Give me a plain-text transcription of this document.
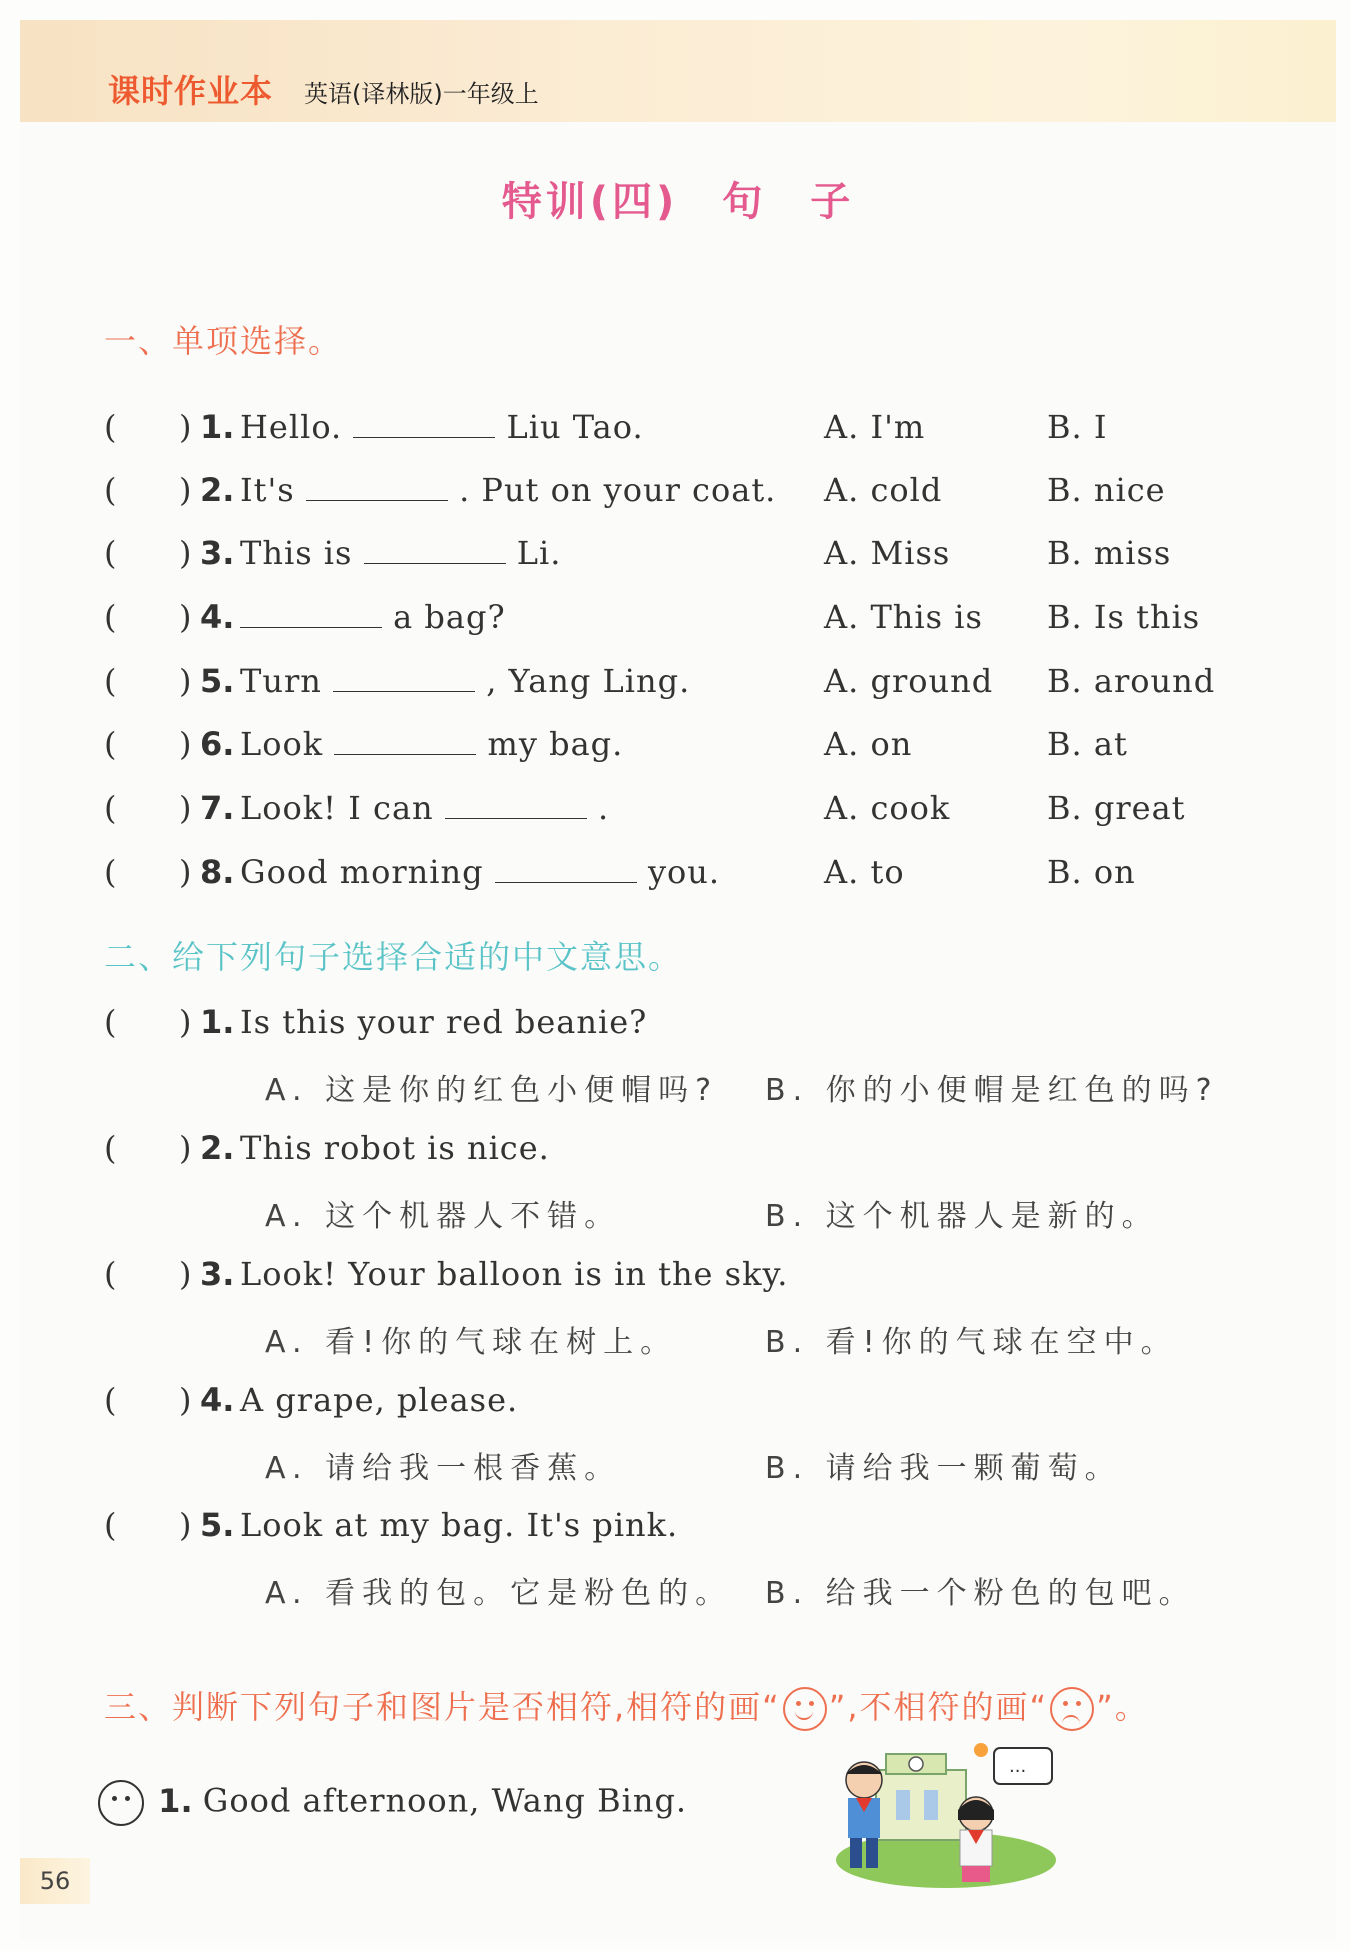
课时作业本 英语(译林版)一年级上
特训(四)　句　子
一、单项选择。
( ) 1. Hello.	Liu Tao.	A. I'm	B. I
( ) 2. It's	. Put on your coat. A. cold	B. nice
( ) 3. This is	Li.	A. Miss	B. miss
( ) 4.	a bag?	A. This is B. Is this
( ) 5. Turn	, Yang Ling.	A. ground B. around
( ) 6. Look	my bag.	A. on	B. at
( ) 7. Look! I can	.	A. cook	B. great
( ) 8. Good morning	you.	A. to	B. on
二、给下列句子选择合适的中文意思。
( ) 1. Is this your red beanie?
A. 这是你的红色小便帽吗? B. 你的小便帽是红色的吗?
( ) 2. This robot is nice.
A. 这个机器人不错。	B. 这个机器人是新的。
( ) 3. Look! Your balloon is in the sky.
A. 看!你的气球在树上。	B. 看!你的气球在空中。
( ) 4. A grape, please.
A. 请给我一根香蕉。	B. 请给我一颗葡萄。
( ) 5. Look at my bag. It's pink.
A. 看我的包。它是粉色的。 B. 给我一个粉色的包吧。
三、判断下列句子和图片是否相符,相符的画“ ”,不相符的画“ ”。
1. Good afternoon, Wang Bing.
...
56
